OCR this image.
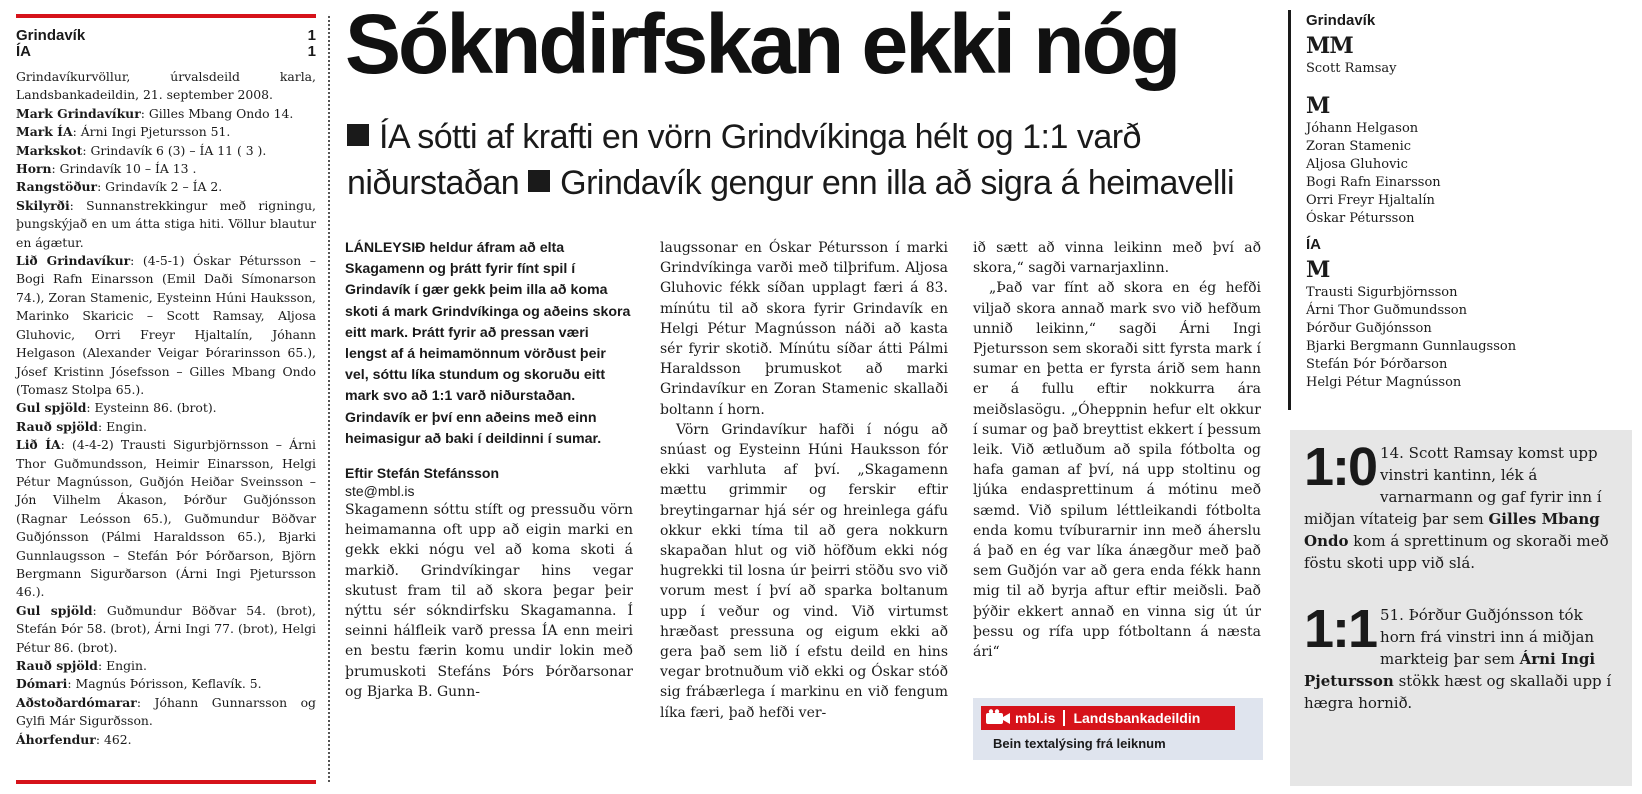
Grindavík	1
ÍA	1

Grindavíkurvöllur, úrvalsdeild karla, Landsbankadeildin, 21. september 2008.

Mark Grindavíkur: Gilles Mbang Ondo 14.

Mark ÍA: Árni Ingi Pjetursson 51.

Markskot: Grindavík 6 (3) – ÍA 11 ( 3 ).

Horn: Grindavík 10 – ÍA 13 .

Rangstöður: Grindavík 2 – ÍA 2.

Skilyrði: Sunnanstrekkingur með rigningu, þungskýjað en um átta stiga hiti. Völlur blautur en ágætur.

Lið Grindavíkur: (4-5-1) Óskar Pétursson – Bogi Rafn Einarsson (Emil Daði Símonarson 74.), Zoran Stamenic, Eysteinn Húni Hauksson, Marinko Skaricic – Scott Ramsay, Aljosa Gluhovic, Orri Freyr Hjaltalín, Jóhann Helgason (Alexander Veigar Þórarinsson 65.), Jósef Kristinn Jósefsson – Gilles Mbang Ondo (Tomasz Stolpa 65.).

Gul spjöld: Eysteinn 86. (brot).

Rauð spjöld: Engin.

Lið ÍA: (4-4-2) Trausti Sigurbjörnsson – Árni Thor Guðmundsson, Heimir Einarsson, Helgi Pétur Magnússon, Guðjón Heiðar Sveinsson – Jón Vilhelm Ákason, Þórður Guðjónsson (Ragnar Leósson 65.), Guðmundur Böðvar Guðjónsson (Pálmi Haraldsson 65.), Bjarki Gunnlaugsson – Stefán Þór Þórðarson, Björn Bergmann Sigurðarson (Árni Ingi Pjetursson 46.).

Gul spjöld: Guðmundur Böðvar 54. (brot), Stefán Þór 58. (brot), Árni Ingi 77. (brot), Helgi Pétur 86. (brot).

Rauð spjöld: Engin.

Dómari: Magnús Þórisson, Keflavík. 5.

Aðstoðardómarar: Jóhann Gunnarsson og Gylfi Már Sigurðsson.

Áhorfendur: 462.

Sókndirfskan ekki nóg
ÍA sótti af krafti en vörn Grindvíkinga hélt og 1:1 varð niðurstaðan Grindavík gengur enn illa að sigra á heimavelli

LÁNLEYSIÐ heldur áfram að elta Skagamenn og þrátt fyrir fínt spil í Grindavík í gær gekk þeim illa að koma skoti á mark Grindvíkinga og aðeins skora eitt mark. Þrátt fyrir að pressan væri lengst af á heimamönnum vörðust þeir vel, sóttu líka stundum og skoruðu eitt mark svo að 1:1 varð niðurstaðan. Grindavík er því enn aðeins með einn heimasigur að baki í deildinni í sumar.

Eftir Stefán Stefánsson
ste@mbl.is

Skagamenn sóttu stíft og pressuðu vörn heimamanna oft upp að eigin marki en gekk ekki nógu vel að koma skoti á markið. Grindvíkingar hins vegar skutust fram til að skora þegar þeir nýttu sér sókndirfsku Skagamanna. Í seinni hálfleik varð pressa ÍA enn meiri en bestu færin komu undir lokin með þrumuskoti Stefáns Þórs Þórðarsonar og Bjarka B. Gunn-

laugssonar en Óskar Pétursson í marki Grindvíkinga varði með tilþrifum. Aljosa Gluhovic fékk síðan upplagt færi á 83. mínútu til að skora fyrir Grindavík en Helgi Pétur Magnússon náði að kasta sér fyrir skotið. Mínútu síðar átti Pálmi Haraldsson þrumuskot að marki Grindavíkur en Zoran Stamenic skallaði boltann í horn.

Vörn Grindavíkur hafði í nógu að snúast og Eysteinn Húni Hauksson fór ekki varhluta af því. „Skagamenn mættu grimmir og ferskir eftir breytingarnar hjá sér og hreinlega gáfu okkur ekki tíma til að gera nokkurn skapaðan hlut og við höfðum ekki nóg hugrekki til losna úr þeirri stöðu svo við vorum mest í því að sparka boltanum upp í veður og vind. Við virtumst hræðast pressuna og eigum ekki að gera það sem lið í efstu deild en hins vegar brotnuðum við ekki og Óskar stóð sig frábærlega í markinu en við fengum líka færi, það hefði ver-

ið sætt að vinna leikinn með því að skora,“ sagði varnarjaxlinn.

„Það var fínt að skora en ég hefði viljað skora annað mark svo við hefðum unnið leikinn,“ sagði Árni Ingi Pjetursson sem skoraði sitt fyrsta mark í sumar en þetta er fyrsta árið sem hann er á fullu eftir nokkurra ára meiðslasögu. „Óheppnin hefur elt okkur í sumar og það breyttist ekkert í þessum leik. Við ætluðum að spila fótbolta og hafa gaman af því, ná upp stoltinu og ljúka endasprettinum á mótinu með sæmd. Við spilum léttleikandi fótbolta enda komu tvíburarnir inn með áherslu á það en ég var líka ánægður með það sem Guðjón var að gera enda fékk hann mig til að byrja aftur eftir meiðsli. Það þýðir ekkert annað en vinna sig út úr þessu og rífa upp fótboltann á næsta ári“

mbl.is Landsbankadeildin
Bein textalýsing frá leiknum
Grindavík
MM

Scott Ramsay

M

Jóhann Helgason

Zoran Stamenic

Aljosa Gluhovic

Bogi Rafn Einarsson

Orri Freyr Hjaltalín

Óskar Pétursson

ÍA
M

Trausti Sigurbjörnsson

Árni Thor Guðmundsson

Þórður Guðjónsson

Bjarki Bergmann Gunnlaugsson

Stefán Þór Þórðarson

Helgi Pétur Magnússon

1:0 14. Scott Ramsay komst upp vinstri kantinn, lék á varnarmann og gaf fyrir inn í miðjan vítateig þar sem Gilles Mbang Ondo kom á sprettinum og skoraði með föstu skoti upp við slá.
1:1 51. Þórður Guðjónsson tók horn frá vinstri inn á miðjan markteig þar sem Árni Ingi Pjetursson stökk hæst og skallaði upp í hægra hornið.
